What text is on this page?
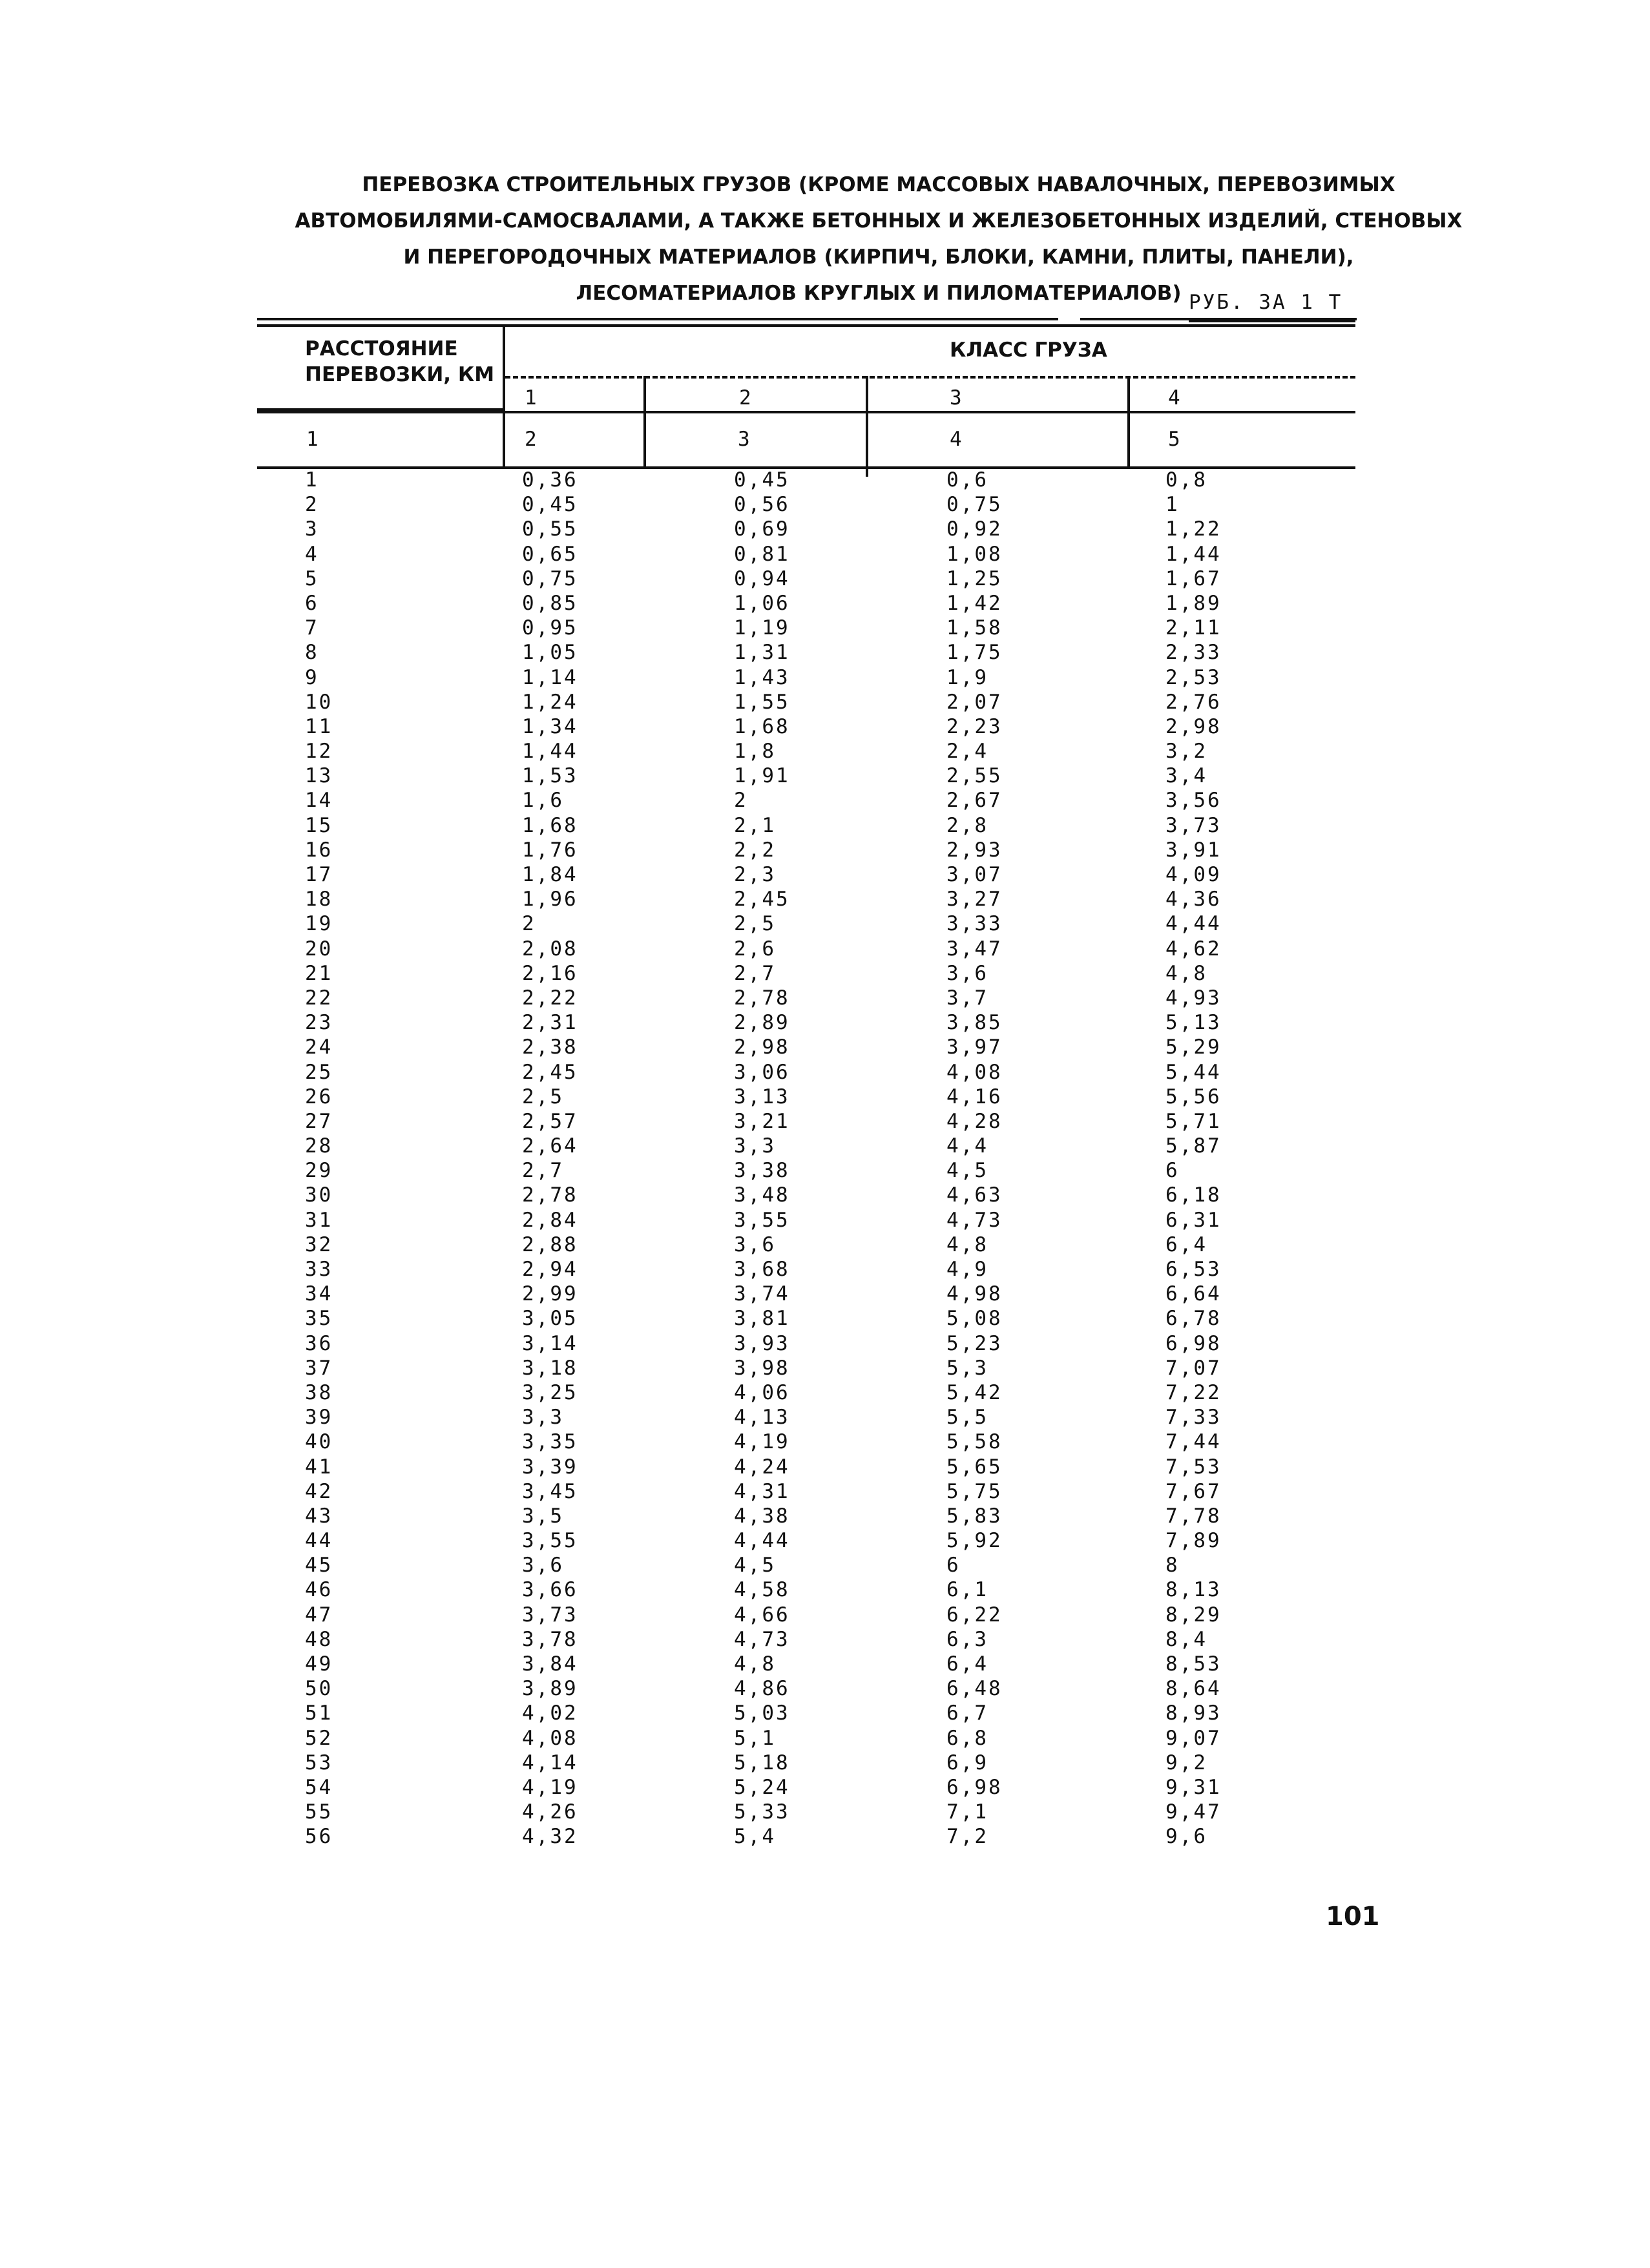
ПЕРЕВОЗКА СТРОИТЕЛЬНЫХ ГРУЗОВ (КРОМЕ МАССОВЫХ НАВАЛОЧНЫХ, ПЕРЕВОЗИМЫХ
АВТОМОБИЛЯМИ-САМОСВАЛАМИ, А ТАКЖЕ БЕТОННЫХ И ЖЕЛЕЗОБЕТОННЫХ ИЗДЕЛИЙ, СТЕНОВЫХ
И ПЕРЕГОРОДОЧНЫХ МАТЕРИАЛОВ (КИРПИЧ, БЛОКИ, КАМНИ, ПЛИТЫ, ПАНЕЛИ),
ЛЕСОМАТЕРИАЛОВ КРУГЛЫХ И ПИЛОМАТЕРИАЛОВ) РУБ. ЗА 1 Т
РАССТОЯНИЕ
ПЕРЕВОЗКИ, КМ
КЛАСС ГРУЗА
1	2	3	4
1	2	3	4	5
1	0,36	0,45	0,6	0,8
2	0,45	0,56	0,75	1
3	0,55	0,69	0,92	1,22
4	0,65	0,81	1,08	1,44
5	0,75	0,94	1,25	1,67
6	0,85	1,06	1,42	1,89
7	0,95	1,19	1,58	2,11
8	1,05	1,31	1,75	2,33
9	1,14	1,43	1,9	2,53
10	1,24	1,55	2,07	2,76
11	1,34	1,68	2,23	2,98
12	1,44	1,8	2,4	3,2
13	1,53	1,91	2,55	3,4
14	1,6	2	2,67	3,56
15	1,68	2,1	2,8	3,73
16	1,76	2,2	2,93	3,91
17	1,84	2,3	3,07	4,09
18	1,96	2,45	3,27	4,36
19	2	2,5	3,33	4,44
20	2,08	2,6	3,47	4,62
21	2,16	2,7	3,6	4,8
22	2,22	2,78	3,7	4,93
23	2,31	2,89	3,85	5,13
24	2,38	2,98	3,97	5,29
25	2,45	3,06	4,08	5,44
26	2,5	3,13	4,16	5,56
27	2,57	3,21	4,28	5,71
28	2,64	3,3	4,4	5,87
29	2,7	3,38	4,5	6
30	2,78	3,48	4,63	6,18
31	2,84	3,55	4,73	6,31
32	2,88	3,6	4,8	6,4
33	2,94	3,68	4,9	6,53
34	2,99	3,74	4,98	6,64
35	3,05	3,81	5,08	6,78
36	3,14	3,93	5,23	6,98
37	3,18	3,98	5,3	7,07
38	3,25	4,06	5,42	7,22
39	3,3	4,13	5,5	7,33
40	3,35	4,19	5,58	7,44
41	3,39	4,24	5,65	7,53
42	3,45	4,31	5,75	7,67
43	3,5	4,38	5,83	7,78
44	3,55	4,44	5,92	7,89
45	3,6	4,5	6	8
46	3,66	4,58	6,1	8,13
47	3,73	4,66	6,22	8,29
48	3,78	4,73	6,3	8,4
49	3,84	4,8	6,4	8,53
50	3,89	4,86	6,48	8,64
51	4,02	5,03	6,7	8,93
52	4,08	5,1	6,8	9,07
53	4,14	5,18	6,9	9,2
54	4,19	5,24	6,98	9,31
55	4,26	5,33	7,1	9,47
56	4,32	5,4	7,2	9,6
101
